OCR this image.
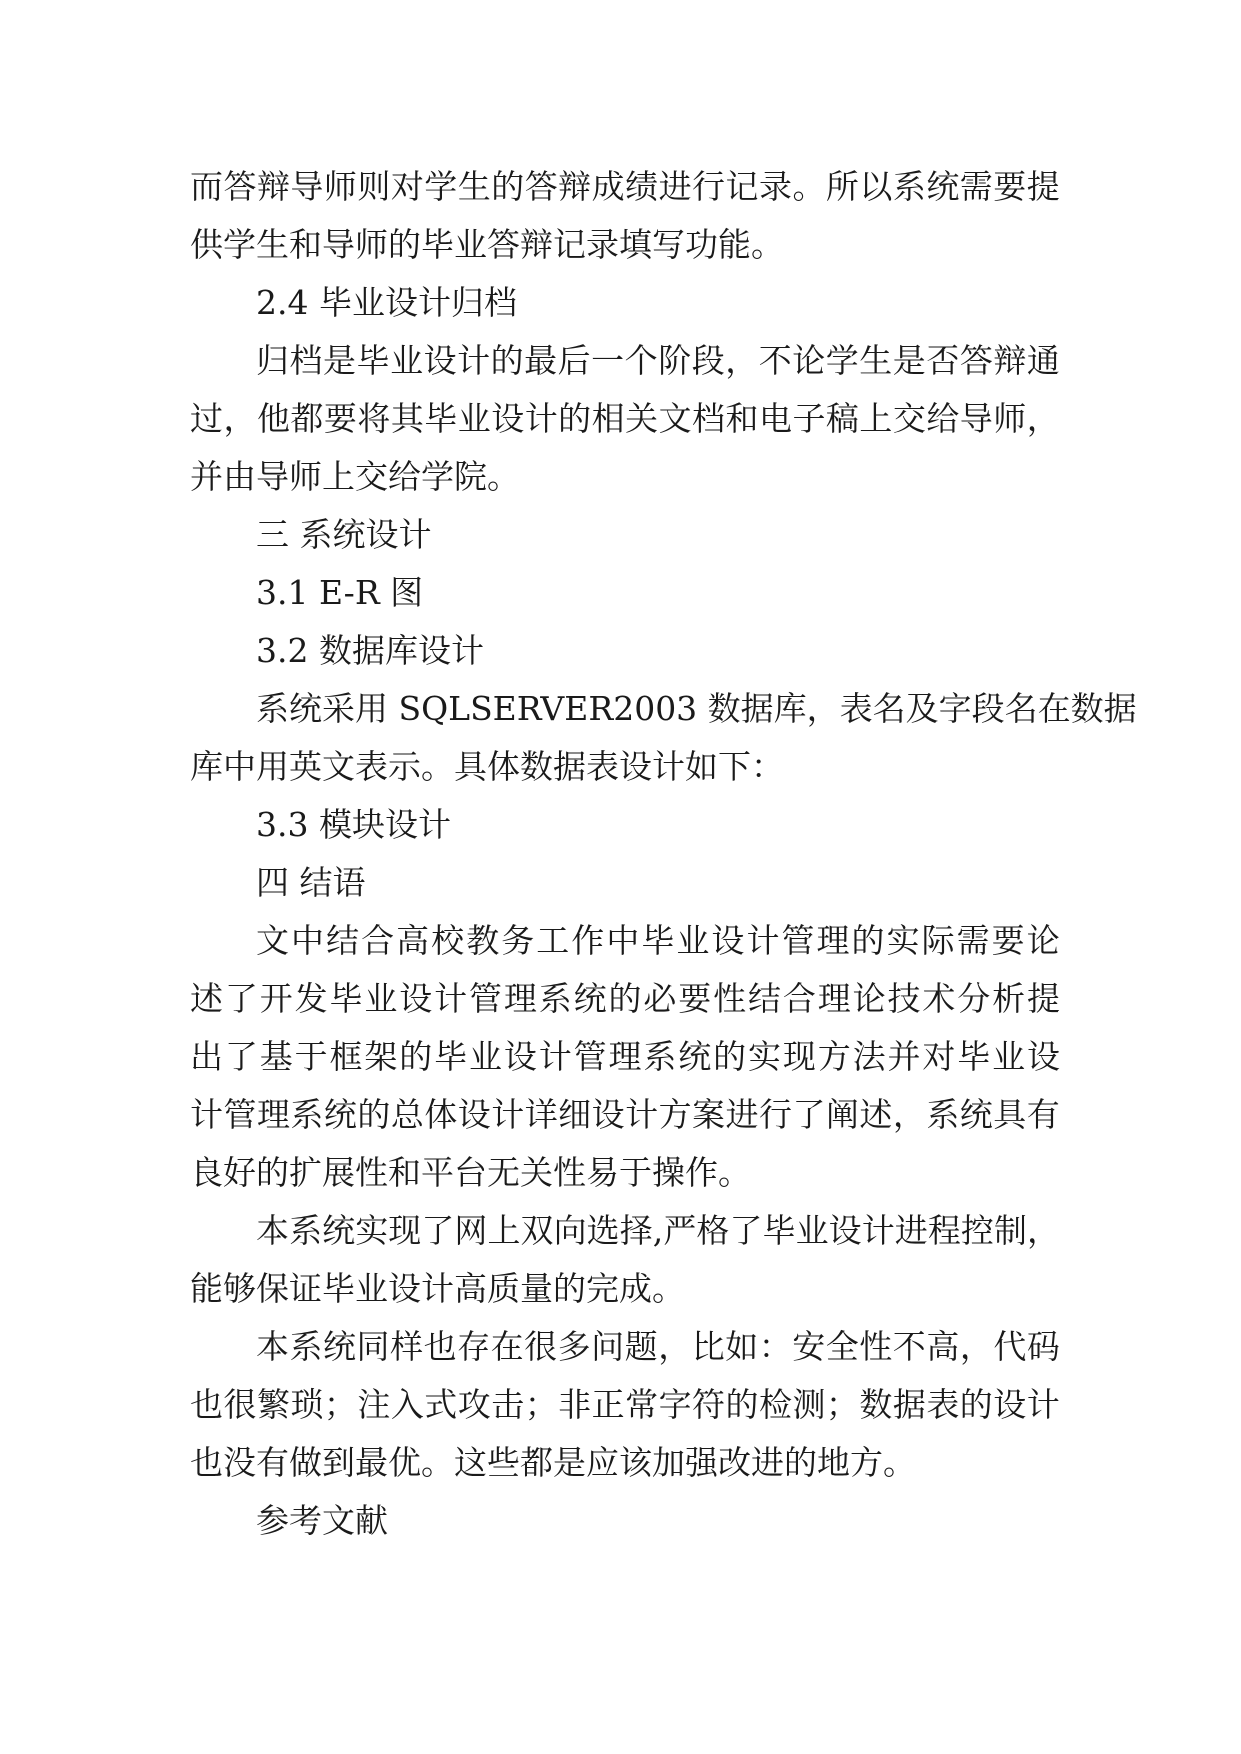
而 答 辩 导 师 则 对 学 生 的 答 辩 成 绩 进 行 记 录 。 所 以 系 统 需 要 提
供学生和导师的毕业答辩记录填写功能。
2.4 毕业设计归档
归 档 是 毕 业 设 计 的 最 后 一 个 阶 段 ， 不 论 学 生 是 否 答 辩 通
过 ， 他 都 要 将 其 毕 业 设 计 的 相 关 文 档 和 电 子 稿 上 交 给 导 师 ，
并由导师上交给学院。
三 系统设计
3.1 E-R 图
3.2 数据库设计
系统采用 SQLSERVER2003 数据库，表名及字段名在数据
库中用英文表示。具体数据表设计如下：
3.3 模块设计
四 结语
文 中 结 合 高 校 教 务 工 作 中 毕 业 设 计 管 理 的 实 际 需 要 论
述 了 开 发 毕 业 设 计 管 理 系 统 的 必 要 性 结 合 理 论 技 术 分 析 提
出 了 基 于 框 架 的 毕 业 设 计 管 理 系 统 的 实 现 方 法 并 对 毕 业 设
计 管 理 系 统 的 总 体 设 计 详 细 设 计 方 案 进 行 了 阐 述 ， 系 统 具 有
良好的扩展性和平台无关性易于操作。
本 系 统 实 现 了 网 上 双 向 选 择 , 严 格 了 毕 业 设 计 进 程 控 制 ，
能够保证毕业设计高质量的完成。
本 系 统 同 样 也 存 在 很 多 问 题 ， 比 如 ： 安 全 性 不 高 ， 代 码
也 很 繁 琐 ； 注 入 式 攻 击 ； 非 正 常 字 符 的 检 测 ； 数 据 表 的 设 计
也没有做到最优。这些都是应该加强改进的地方。
参考文献
